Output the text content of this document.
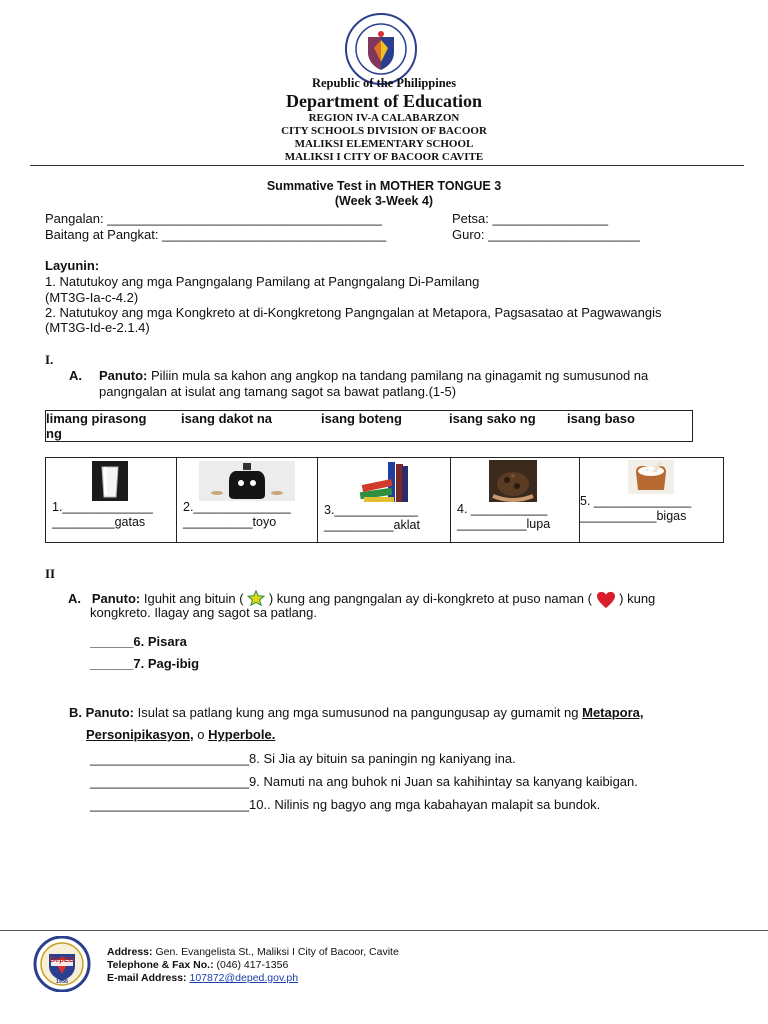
Republic of the Philippines
Department of Education
REGION IV-A CALABARZON
CITY SCHOOLS DIVISION OF BACOOR
MALIKSI ELEMENTARY SCHOOL
MALIKSI I CITY OF BACOOR CAVITE
Summative Test in MOTHER TONGUE 3
(Week 3-Week 4)
Pangalan: ______________________________________	Petsa: ________________
Baitang at Pangkat: _______________________________	Guro: _____________________
Layunin:
1. Natutukoy ang mga Pangngalang Pamilang at Pangngalang Di-Pamilang
(MT3G-Ia-c-4.2)
2. Natutukoy ang mga Kongkreto at di-Kongkretong Pangngalan at Metapora, Pagsasatao at Pagwawangis
(MT3G-Id-e-2.1.4)
I.
A. Panuto: Piliin mula sa kahon ang angkop na tandang pamilang na ginagamit ng sumusunod na
pangngalan at isulat ang tamang sagot sa bawat patlang.(1-5)
limang pirasong ng
	isang dakot na	isang boteng	isang sako ng	isang baso
1._____________
_________gatas

2.______________
__________toyo

3.____________
__________aklat

4. ___________
__________lupa

5. ______________
___________bigas
II
A. Panuto: Iguhit ang bituin ( ) kung ang pangngalan ay di-kongkreto at puso naman ( ) kung
kongkreto. Ilagay ang sagot sa patlang.
______6. Pisara
______7. Pag-ibig
B. Panuto: Isulat sa patlang kung ang mga sumusunod na pangungusap ay gumamit ng Metapora,
Personipikasyon, o Hyperbole.
______________________8. Si Jia ay bituin sa paningin ng kaniyang ina.
______________________9. Namuti na ang buhok ni Juan sa kahihintay sa kanyang kaibigan.
______________________10.. Nilinis ng bagyo ang mga kabahayan malapit sa bundok.
DepED
1956
Address: Gen. Evangelista St., Maliksi I City of Bacoor, Cavite
Telephone & Fax No.: (046) 417-1356
E-mail Address: 107872@deped.gov.ph
